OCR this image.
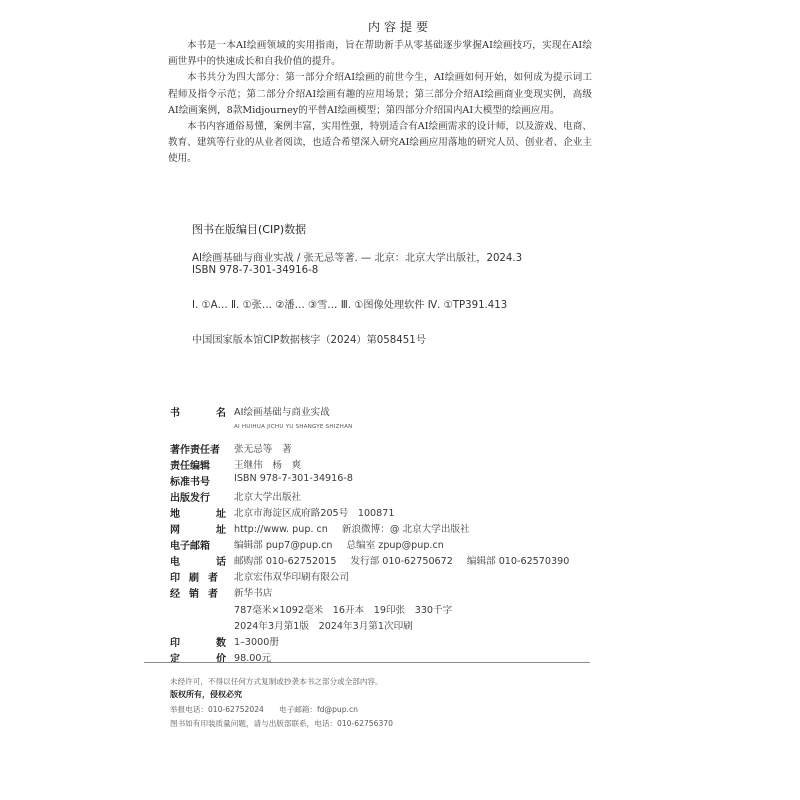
内容提要

本书是一本AI绘画领域的实用指南，旨在帮助新手从零基础逐步掌握AI绘画技巧，实现在AI绘画世界中的快速成长和自我价值的提升。

本书共分为四大部分：第一部分介绍AI绘画的前世今生，AI绘画如何开始，如何成为提示词工程师及指令示范；第二部分介绍AI绘画有趣的应用场景；第三部分介绍AI绘画商业变现实例，高级AI绘画案例，8款Midjourney的平替AI绘画模型；第四部分介绍国内AI大模型的绘画应用。

本书内容通俗易懂，案例丰富，实用性强，特别适合有AI绘画需求的设计师，以及游戏、电商、教育、建筑等行业的从业者阅读，也适合希望深入研究AI绘画应用落地的研究人员、创业者、企业主使用。

图书在版编目(CIP)数据
AI绘画基础与商业实战 / 张无忌等著. — 北京：北京大学出版社，2024.3
ISBN 978-7-301-34916-8
Ⅰ. ①A… Ⅱ. ①张… ②潘… ③雪… Ⅲ. ①图像处理软件 Ⅳ. ①TP391.413
中国国家版本馆CIP数据核字（2024）第058451号
书	名 AI绘画基础与商业实战
AI HUIHUA JICHU YU SHANGYE SHIZHAN
著作责任者	张无忌等　著
责任编辑	王继伟　杨　爽
标准书号	ISBN 978-7-301-34916-8
出版发行	北京大学出版社
地	址 北京市海淀区成府路205号　100871
网	址 http://www. pup. cn 新浪微博：@ 北京大学出版社
电子邮箱	编辑部 pup7@pup.cn 总编室 zpup@pup.cn
电	话 邮购部 010-62752015 发行部 010-62750672 编辑部 010-62570390
印刷者 北京宏伟双华印刷有限公司
经销者 新华书店
787毫米×1092毫米　16开本　19印张　330千字
2024年3月第1版　2024年3月第1次印刷
印	数 1–3000册
定	价 98.00元
未经许可，不得以任何方式复制或抄袭本书之部分或全部内容。
版权所有，侵权必究
举报电话：010-62752024　　电子邮箱：fd@pup.cn
图书如有印装质量问题，请与出版部联系，电话：010-62756370
